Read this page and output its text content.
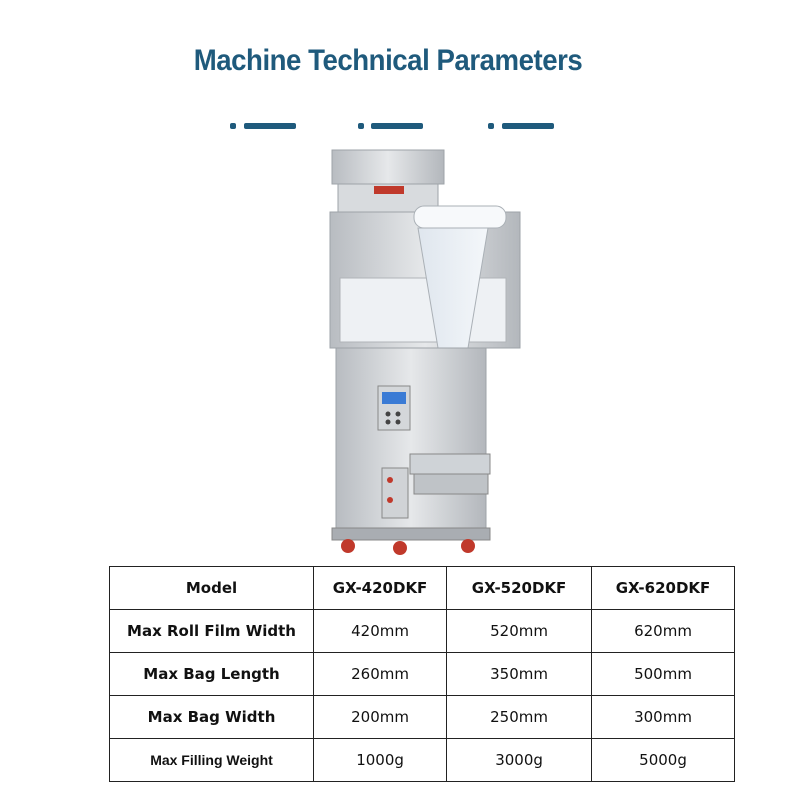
Machine Technical Parameters
Model	GX-420DKF	GX-520DKF	GX-620DKF
Max Roll Film Width	420mm	520mm	620mm
Max Bag Length	260mm	350mm	500mm
Max Bag Width	200mm	250mm	300mm
Max Filling Weight	1000g	3000g	5000g
